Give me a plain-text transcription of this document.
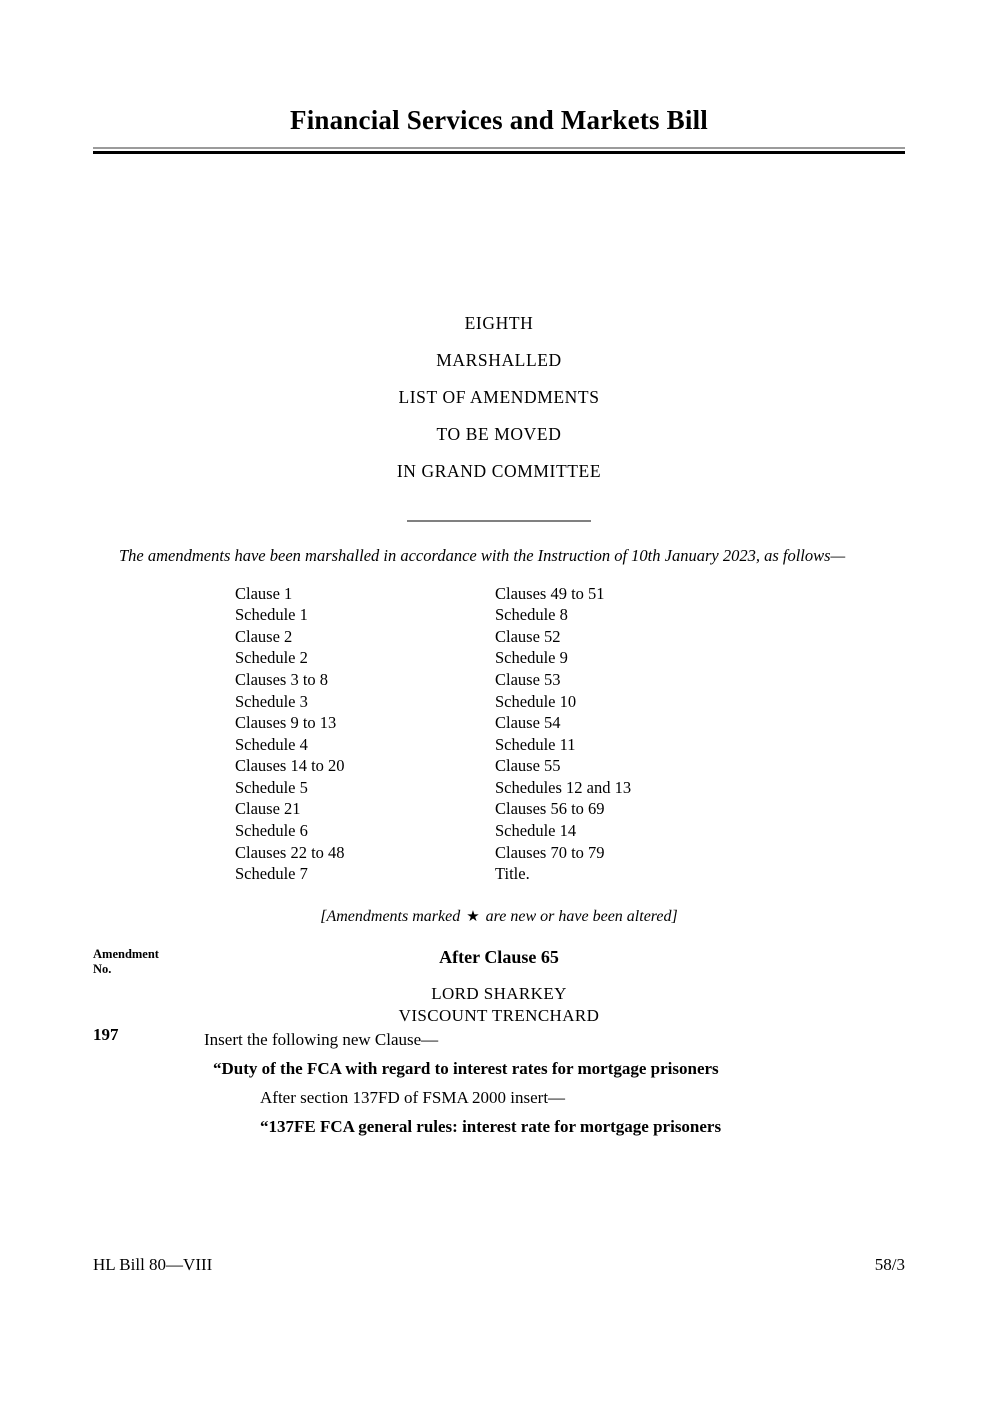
Financial Services and Markets Bill
EIGHTH
MARSHALLED
LIST OF AMENDMENTS
TO BE MOVED
IN GRAND COMMITTEE

The amendments have been marshalled in accordance with the Instruction of 10th January 2023, as follows—

Clause 1
Schedule 1
Clause 2
Schedule 2
Clauses 3 to 8
Schedule 3
Clauses 9 to 13
Schedule 4
Clauses 14 to 20
Schedule 5
Clause 21
Schedule 6
Clauses 22 to 48
Schedule 7
Clauses 49 to 51
Schedule 8
Clause 52
Schedule 9
Clause 53
Schedule 10
Clause 54
Schedule 11
Clause 55
Schedules 12 and 13
Clauses 56 to 69
Schedule 14
Clauses 70 to 79
Title.
[Amendments marked ★ are new or have been altered]
Amendment
No.
After Clause 65
LORD SHARKEY
VISCOUNT TRENCHARD
197	Insert the following new Clause—
“Duty of the FCA with regard to interest rates for mortgage prisoners
After section 137FD of FSMA 2000 insert—
“137FE FCA general rules: interest rate for mortgage prisoners
HL Bill 80—VIII	58/3
